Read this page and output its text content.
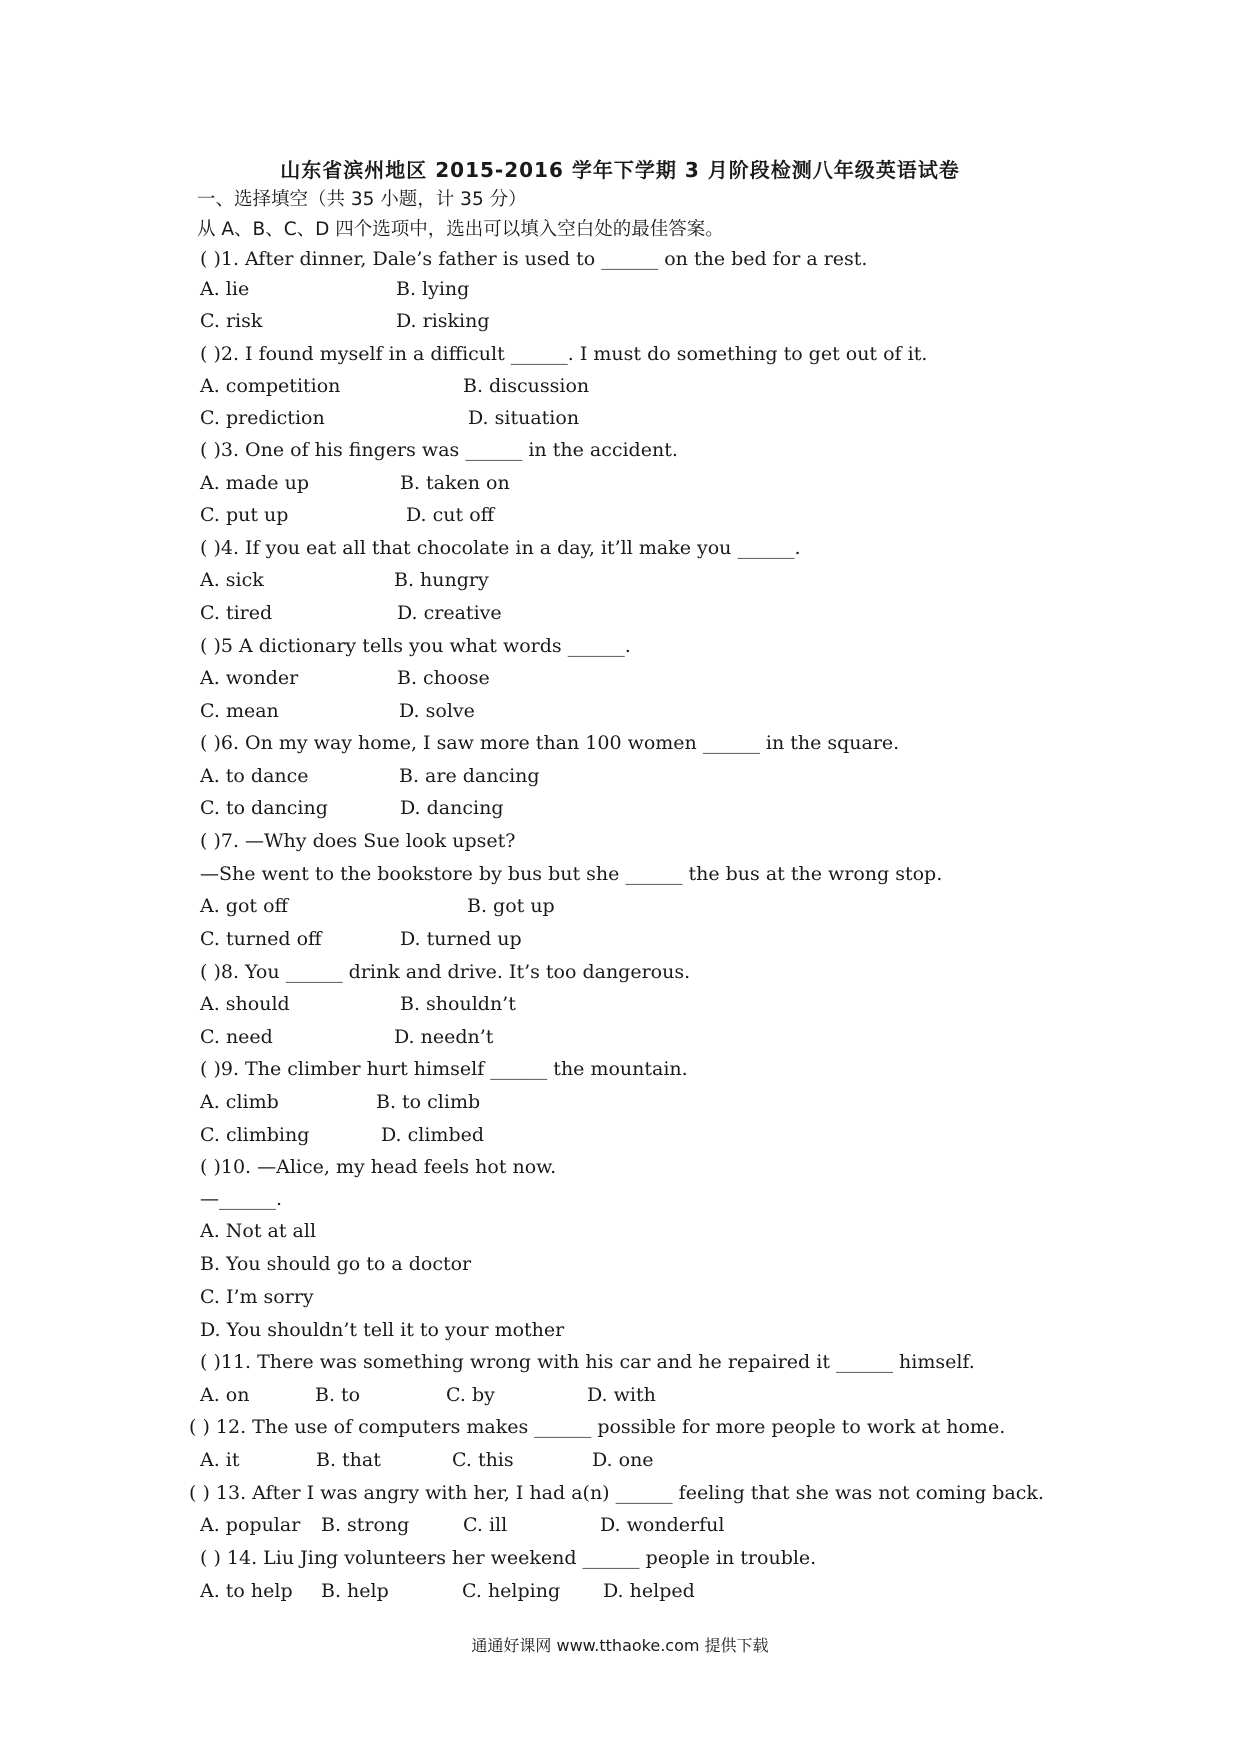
山东省滨州地区 2015-2016 学年下学期 3 月阶段检测八年级英语试卷
一、选择填空（共 35 小题，计 35 分）
从 A、B、C、D 四个选项中，选出可以填入空白处的最佳答案。
( )1. After dinner, Dale’s father is used to ______ on the bed for a rest.
A. lie	B. lying
C. risk	D. risking
( )2. I found myself in a difficult ______. I must do something to get out of it.
A. competition	B. discussion
C. prediction	D. situation
( )3. One of his fingers was ______ in the accident.
A. made up	B. taken on
C. put up	D. cut off
( )4. If you eat all that chocolate in a day, it’ll make you ______.
A. sick	B. hungry
C. tired	D. creative
( )5 A dictionary tells you what words ______.
A. wonder	B. choose
C. mean	D. solve
( )6. On my way home, I saw more than 100 women ______ in the square.
A. to dance	B. are dancing
C. to dancing	D. dancing
( )7. —Why does Sue look upset?
—She went to the bookstore by bus but she ______ the bus at the wrong stop.
A. got off	B. got up
C. turned off	D. turned up
( )8. You ______ drink and drive. It’s too dangerous.
A. should	B. shouldn’t
C. need	D. needn’t
( )9. The climber hurt himself ______ the mountain.
A. climb	B. to climb
C. climbing	D. climbed
( )10. —Alice, my head feels hot now.
—______.
A. Not at all
B. You should go to a doctor
C. I’m sorry
D. You shouldn’t tell it to your mother
( )11. There was something wrong with his car and he repaired it ______ himself.
A. on	B. to	C. by	D. with
( ) 12. The use of computers makes ______ possible for more people to work at home.
A. it	B. that	C. this	D. one
( ) 13. After I was angry with her, I had a(n) ______ feeling that she was not coming back.
A. popular B. strong	C. ill	D. wonderful
( ) 14. Liu Jing volunteers her weekend ______ people in trouble.
A. to help B. help	C. helping D. helped
通通好课网 www.tthaoke.com 提供下载
